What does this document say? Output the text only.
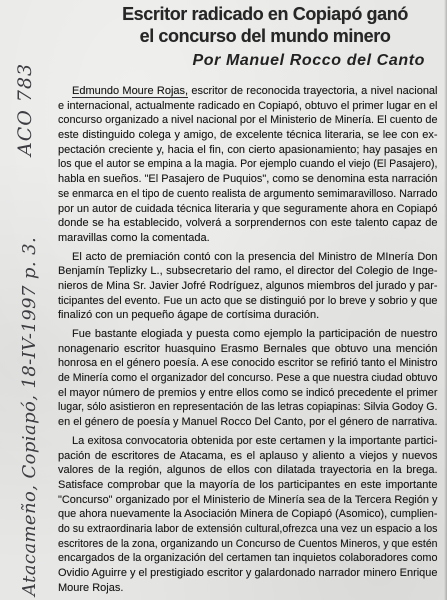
ACO 783
Atacameño, Copiapó, 18-IV-1997 p. 3.
Escritor radicado en Copiapó ganó
el concurso del mundo minero
Por Manuel Rocco del Canto
Edmundo Moure Rojas, escritor de reconocida trayectoria, a nivel nacional
e internacional, actualmente radicado en Copiapó, obtuvo el primer lugar en el
concurso organizado a nivel nacional por el Ministerio de Minería. El cuento de
este distinguido colega y amigo, de excelente técnica literaria, se lee con ex-
pectación creciente y, hacia el fin, con cierto apasionamiento; hay pasajes en
los que el autor se empina a la magia. Por ejemplo cuando el viejo (El Pasajero),
habla en sueños. "El Pasajero de Puquios", como se denomina esta narración
se enmarca en el tipo de cuento realista de argumento semimaravilloso. Narrado
por un autor de cuidada técnica literaria y que seguramente ahora en Copiapó
donde se ha establecido, volverá a sorprendernos con este talento capaz de
maravillas como la comentada.
El acto de premiación contó con la presencia del Ministro de MInería Don
Benjamín Teplizky L., subsecretario del ramo, el director del Colegio de Inge-
nieros de Mina Sr. Javier Jofré Rodríguez, algunos miembros del jurado y par-
ticipantes del evento. Fue un acto que se distinguió por lo breve y sobrio y que
finalizó con un pequeño ágape de cortísima duración.
Fue bastante elogiada y puesta como ejemplo la participación de nuestro
nonagenario escritor huasquino Erasmo Bernales que obtuvo una mención
honrosa en el género poesía. A ese conocido escritor se refirió tanto el Ministro
de Minería como el organizador del concurso. Pese a que nuestra ciudad obtuvo
el mayor número de premios y entre ellos como se indicó precedente el primer
lugar, sólo asistieron en representación de las letras copiapinas: Silvia Godoy G.
en el género de poesía y Manuel Rocco Del Canto, por el género de narrativa.
La exitosa convocatoria obtenida por este certamen y la importante partici-
pación de escritores de Atacama, es el aplauso y aliento a viejos y nuevos
valores de la región, algunos de ellos con dilatada trayectoria en la brega.
Satisface comprobar que la mayoría de los participantes en este importante
"Concurso" organizado por el Ministerio de Minería sea de la Tercera Región y
que ahora nuevamente la Asociación Minera de Copiapó (Asomico), cumplien-
do su extraordinaria labor de extensión cultural,ofrezca una vez un espacio a los
escritores de la zona, organizando un Concurso de Cuentos Mineros, y que estén
encargados de la organización del certamen tan inquietos colaboradores como
Ovidio Aguirre y el prestigiado escritor y galardonado narrador minero Enrique
Moure Rojas.
